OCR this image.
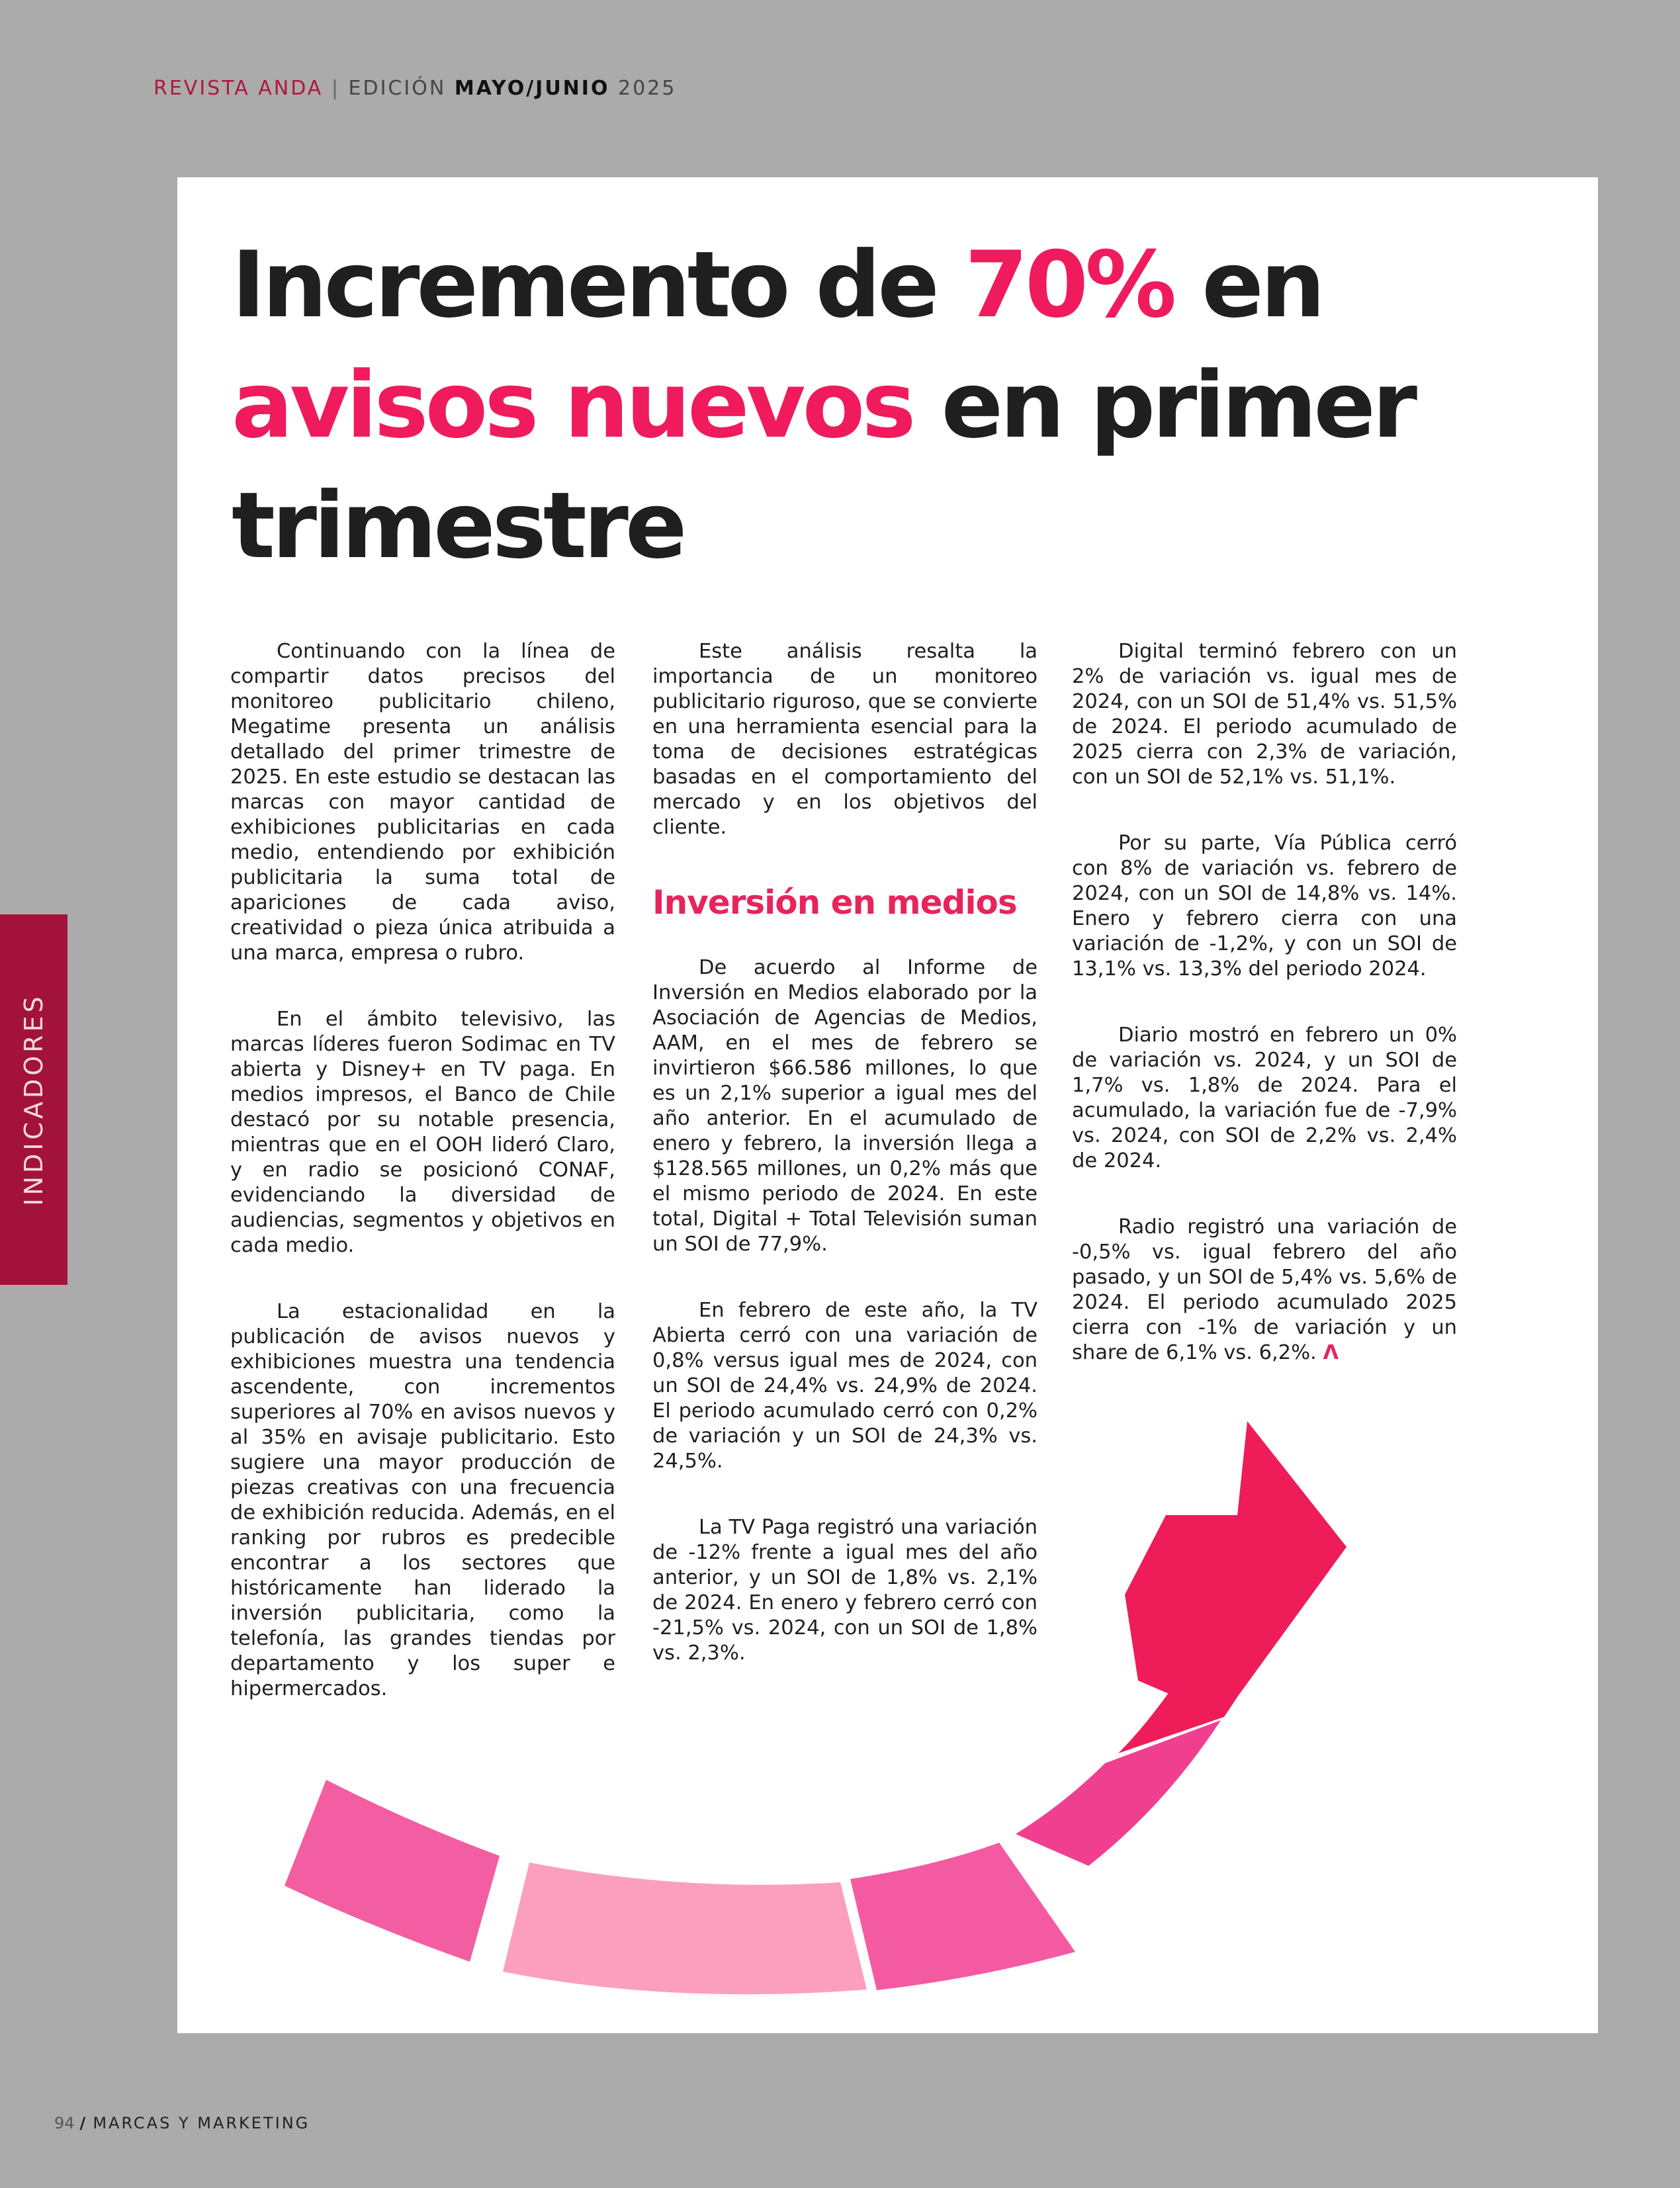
REVISTA ANDA | EDICIÓN MAYO/JUNIO 2025
INDICADORES
Incremento de 70% en
avisos nuevos en primer trimestre

Continuando con la línea de compartir datos precisos del monitoreo publicitario chileno, Megatime presenta un análisis detallado del primer trimestre de 2025. En este estudio se destacan las marcas con mayor cantidad de exhibiciones publicitarias en cada medio, entendiendo por exhibición publicitaria la suma total de apariciones de cada aviso, creatividad o pieza única atribuida a una marca, empresa o rubro.

En el ámbito televisivo, las marcas líderes fueron Sodimac en TV abierta y Disney+ en TV paga. En medios impresos, el Banco de Chile destacó por su notable presencia, mientras que en el OOH lideró Claro, y en radio se posicionó CONAF, evidenciando la diversidad de audiencias, segmentos y objetivos en cada medio.

La estacionalidad en la publicación de avisos nuevos y exhibiciones muestra una tendencia ascendente, con incrementos superiores al 70% en avisos nuevos y al 35% en avisaje publicitario. Esto sugiere una mayor producción de piezas creativas con una frecuencia de exhibición reducida. Además, en el ranking por rubros es predecible encontrar a los sectores que históricamente han liderado la inversión publicitaria, como la telefonía, las grandes tiendas por departamento y los super e hipermercados.

Este análisis resalta la importancia de un monitoreo publicitario riguroso, que se convierte en una herramienta esencial para la toma de decisiones estratégicas basadas en el comportamiento del mercado y en los objetivos del cliente.

Inversión en medios

De acuerdo al Informe de Inversión en Medios elaborado por la Asociación de Agencias de Medios, AAM, en el mes de febrero se invirtieron $66.586 millones, lo que es un 2,1% superior a igual mes del año anterior. En el acumulado de enero y febrero, la inversión llega a $128.565 millones, un 0,2% más que el mismo periodo de 2024. En este total, Digital + Total Televisión suman un SOI de 77,9%.

En febrero de este año, la TV Abierta cerró con una variación de 0,8% versus igual mes de 2024, con un SOI de 24,4% vs. 24,9% de 2024. El periodo acumulado cerró con 0,2% de variación y un SOI de 24,3% vs. 24,5%.

La TV Paga registró una variación de -12% frente a igual mes del año anterior, y un SOI de 1,8% vs. 2,1% de 2024. En enero y febrero cerró con -21,5% vs. 2024, con un SOI de 1,8% vs. 2,3%.

Digital terminó febrero con un 2% de variación vs. igual mes de 2024, con un SOI de 51,4% vs. 51,5% de 2024. El periodo acumulado de 2025 cierra con 2,3% de variación, con un SOI de 52,1% vs. 51,1%.

Por su parte, Vía Pública cerró con 8% de variación vs. febrero de 2024, con un SOI de 14,8% vs. 14%. Enero y febrero cierra con una variación de -1,2%, y con un SOI de 13,1% vs. 13,3% del periodo 2024.

Diario mostró en febrero un 0% de variación vs. 2024, y un SOI de 1,7% vs. 1,8% de 2024. Para el acumulado, la variación fue de -7,9% vs. 2024, con SOI de 2,2% vs. 2,4% de 2024.

Radio registró una variación de -0,5% vs. igual febrero del año pasado, y un SOI de 5,4% vs. 5,6% de 2024. El periodo acumulado 2025 cierra con -1% de variación y un share de 6,1% vs. 6,2%. Λ

94 / MARCAS Y MARKETING
